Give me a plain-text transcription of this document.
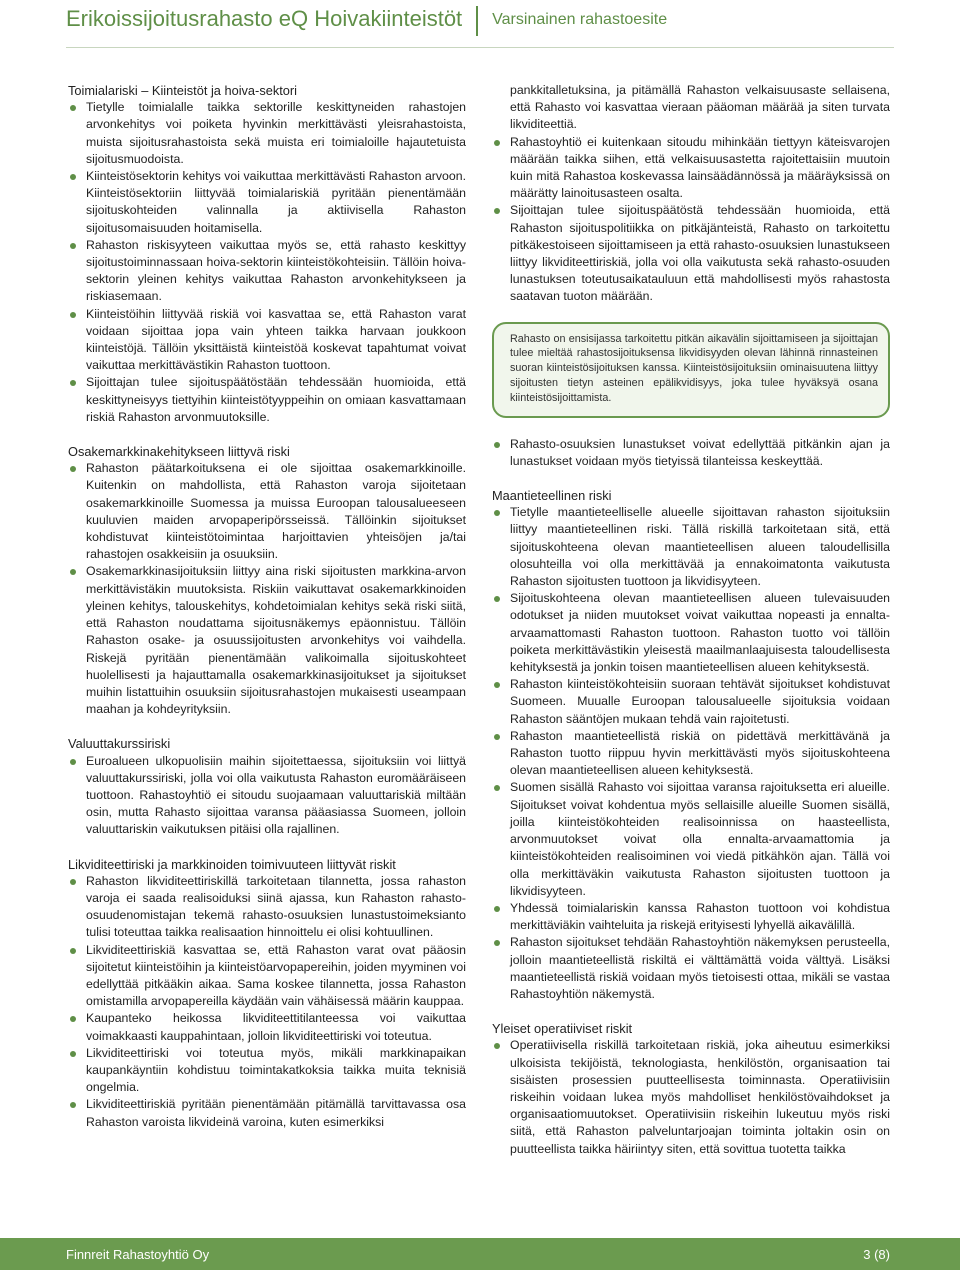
Erikoissijoitusrahasto eQ Hoivakiinteistöt Varsinainen rahastoesite
Toimialariski – Kiinteistöt ja hoiva-sektori
Tietylle toimialalle taikka sektorille keskittyneiden rahastojen arvonkehitys voi poiketa hyvinkin merkittävästi yleisrahastoista, muista sijoitusrahastoista sekä muista eri toimialoille hajautetuista sijoitusmuodoista.
Kiinteistösektorin kehitys voi vaikuttaa merkittävästi Rahaston arvoon. Kiinteistösektoriin liittyvää toimialariskiä pyritään pienentämään sijoituskohteiden valinnalla ja aktiivisella Rahaston sijoitusomaisuuden hoitamisella.
Rahaston riskisyyteen vaikuttaa myös se, että rahasto keskittyy sijoitustoiminnassaan hoiva-sektorin kiinteistökohteisiin. Tällöin hoiva-sektorin yleinen kehitys vaikuttaa Rahaston arvonkehitykseen ja riskiasemaan.
Kiinteistöihin liittyvää riskiä voi kasvattaa se, että Rahaston varat voidaan sijoittaa jopa vain yhteen taikka harvaan joukkoon kiinteistöjä. Tällöin yksittäistä kiinteistöä koskevat tapahtumat voivat vaikuttaa merkittävästikin Rahaston tuottoon.
Sijoittajan tulee sijoituspäätöstään tehdessään huomioida, että keskittyneisyys tiettyihin kiinteistötyyppeihin on omiaan kasvattamaan riskiä Rahaston arvonmuutoksille.
Osakemarkkinakehitykseen liittyvä riski
Rahaston päätarkoituksena ei ole sijoittaa osakemarkkinoille. Kuitenkin on mahdollista, että Rahaston varoja sijoitetaan osakemarkkinoille Suomessa ja muissa Euroopan talousalueeseen kuuluvien maiden arvopaperipörsseissä. Tällöinkin sijoitukset kohdistuvat kiinteistötoimintaa harjoittavien yhteisöjen ja/tai rahastojen osakkeisiin ja osuuksiin.
Osakemarkkinasijoituksiin liittyy aina riski sijoitusten markkina-arvon merkittävistäkin muutoksista. Riskiin vaikuttavat osakemarkkinoiden yleinen kehitys, talouskehitys, kohdetoimialan kehitys sekä riski siitä, että Rahaston noudattama sijoitusnäkemys epäonnistuu. Tällöin Rahaston osake- ja osuussijoitusten arvonkehitys voi vaihdella. Riskejä pyritään pienentämään valikoimalla sijoituskohteet huolellisesti ja hajauttamalla osakemarkkinasijoitukset ja sijoitukset muihin listattuihin osuuksiin sijoitusrahastojen mukaisesti useampaan maahan ja kohdeyrityksiin.
Valuuttakurssiriski
Euroalueen ulkopuolisiin maihin sijoitettaessa, sijoituksiin voi liittyä valuuttakurssiriski, jolla voi olla vaikutusta Rahaston euromääräiseen tuottoon. Rahastoyhtiö ei sitoudu suojaamaan valuuttariskiä miltään osin, mutta Rahasto sijoittaa varansa pääasiassa Suomeen, jolloin valuuttariskin vaikutuksen pitäisi olla rajallinen.
Likviditeettiriski ja markkinoiden toimivuuteen liittyvät riskit
Rahaston likviditeettiriskillä tarkoitetaan tilannetta, jossa rahaston varoja ei saada realisoiduksi siinä ajassa, kun Rahaston rahasto-osuudenomistajan tekemä rahasto-osuuksien lunastustoimeksianto tulisi toteuttaa taikka realisaation hinnoittelu ei olisi kohtuullinen.
Likviditeettiriskiä kasvattaa se, että Rahaston varat ovat pääosin sijoitetut kiinteistöihin ja kiinteistöarvopapereihin, joiden myyminen voi edellyttää pitkääkin aikaa. Sama koskee tilannetta, jossa Rahaston omistamilla arvopapereilla käydään vain vähäisessä määrin kauppaa.
Kaupanteko heikossa likviditeettitilanteessa voi vaikuttaa voimakkaasti kauppahintaan, jolloin likviditeettiriski voi toteutua.
Likviditeettiriski voi toteutua myös, mikäli markkinapaikan kaupankäyntiin kohdistuu toimintakatkoksia taikka muita teknisiä ongelmia.
Likviditeettiriskiä pyritään pienentämään pitämällä tarvittavassa osa Rahaston varoista likvideinä varoina, kuten esimerkiksi
pankkitalletuksina, ja pitämällä Rahaston velkaisuusaste sellaisena, että Rahasto voi kasvattaa vieraan pääoman määrää ja siten turvata likviditeettiä.
Rahastoyhtiö ei kuitenkaan sitoudu mihinkään tiettyyn käteisvarojen määrään taikka siihen, että velkaisuusastetta rajoitettaisiin muutoin kuin mitä Rahastoa koskevassa lainsäädännössä ja määräyksissä on määrätty lainoitusasteen osalta.
Sijoittajan tulee sijoituspäätöstä tehdessään huomioida, että Rahaston sijoituspolitiikka on pitkäjänteistä, Rahasto on tarkoitettu pitkäkestoiseen sijoittamiseen ja että rahasto-osuuksien lunastukseen liittyy likviditeettiriskiä, jolla voi olla vaikutusta sekä rahasto-osuuden lunastuksen toteutusaikatauluun että mahdollisesti myös rahastosta saatavan tuoton määrään.
Rahasto on ensisijassa tarkoitettu pitkän aikavälin sijoittamiseen ja sijoittajan tulee mieltää rahastosijoituksensa likvidisyyden olevan lähinnä rinnasteinen suoran kiinteistösijoituksen kanssa. Kiinteistösijoituksiin ominaisuutena liittyy sijoitusten tietyn asteinen epälikvidisyys, joka tulee hyväksyä osana kiinteistösijoittamista.
Rahasto-osuuksien lunastukset voivat edellyttää pitkänkin ajan ja lunastukset voidaan myös tietyissä tilanteissa keskeyttää.
Maantieteellinen riski
Tietylle maantieteelliselle alueelle sijoittavan rahaston sijoituksiin liittyy maantieteellinen riski. Tällä riskillä tarkoitetaan sitä, että sijoituskohteena olevan maantieteellisen alueen taloudellisilla olosuhteilla voi olla merkittävää ja ennakoimatonta vaikutusta Rahaston sijoitusten tuottoon ja likvidisyyteen.
Sijoituskohteena olevan maantieteellisen alueen tulevaisuuden odotukset ja niiden muutokset voivat vaikuttaa nopeasti ja ennalta-arvaamattomasti Rahaston tuottoon. Rahaston tuotto voi tällöin poiketa merkittävästikin yleisestä maailmanlaajuisesta taloudellisesta kehityksestä ja jonkin toisen maantieteellisen alueen kehityksestä.
Rahaston kiinteistökohteisiin suoraan tehtävät sijoitukset kohdistuvat Suomeen. Muualle Euroopan talousalueelle sijoituksia voidaan Rahaston sääntöjen mukaan tehdä vain rajoitetusti.
Rahaston maantieteellistä riskiä on pidettävä merkittävänä ja Rahaston tuotto riippuu hyvin merkittävästi myös sijoituskohteena olevan maantieteellisen alueen kehityksestä.
Suomen sisällä Rahasto voi sijoittaa varansa rajoituksetta eri alueille. Sijoitukset voivat kohdentua myös sellaisille alueille Suomen sisällä, joilla kiinteistökohteiden realisoinnissa on haasteellista, arvonmuutokset voivat olla ennalta-arvaamattomia ja kiinteistökohteiden realisoiminen voi viedä pitkähkön ajan. Tällä voi olla merkittäväkin vaikutusta Rahaston sijoitusten tuottoon ja likvidisyyteen.
Yhdessä toimialariskin kanssa Rahaston tuottoon voi kohdistua merkittäviäkin vaihteluita ja riskejä erityisesti lyhyellä aikavälillä.
Rahaston sijoitukset tehdään Rahastoyhtiön näkemyksen perusteella, jolloin maantieteellistä riskiltä ei välttämättä voida välttyä. Lisäksi maantieteellistä riskiä voidaan myös tietoisesti ottaa, mikäli se vastaa Rahastoyhtiön näkemystä.
Yleiset operatiiviset riskit
Operatiivisella riskillä tarkoitetaan riskiä, joka aiheutuu esimerkiksi ulkoisista tekijöistä, teknologiasta, henkilöstön, organisaation tai sisäisten prosessien puutteellisesta toiminnasta. Operatiivisiin riskeihin voidaan lukea myös mahdolliset henkilöstövaihdokset ja organisaatiomuutokset. Operatiivisiin riskeihin lukeutuu myös riski siitä, että Rahaston palveluntarjoajan toiminta joltakin osin on puutteellista taikka häiriintyy siten, että sovittua tuotetta taikka
Finnreit Rahastoyhtiö Oy	3 (8)
